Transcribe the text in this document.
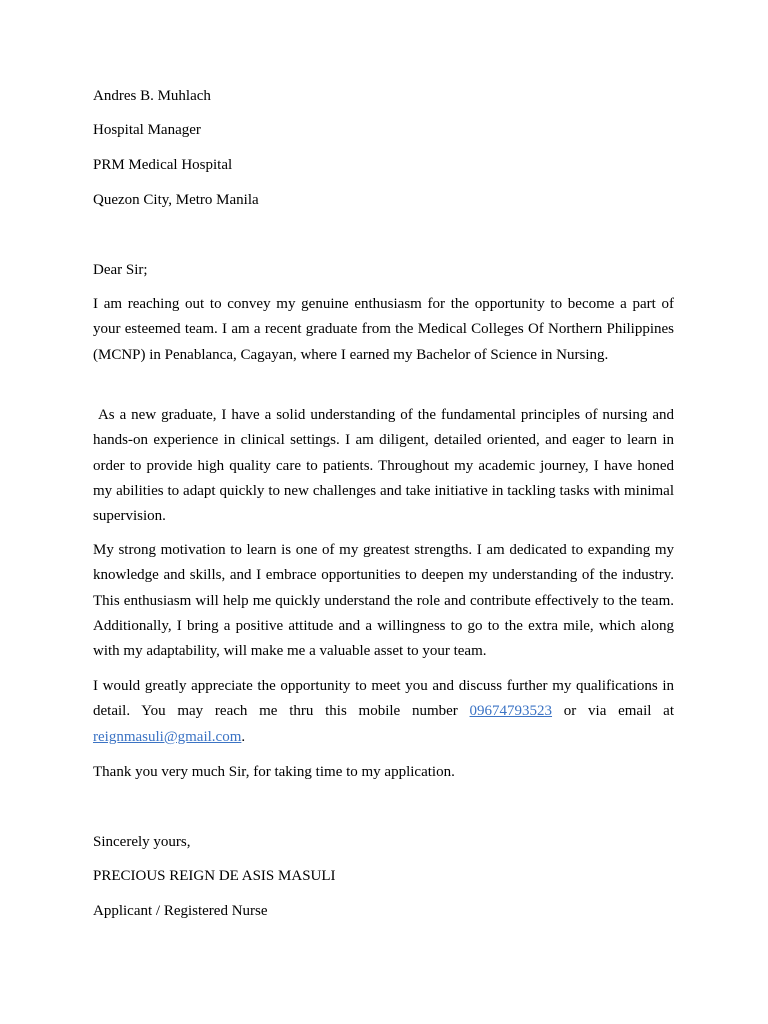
Andres B. Muhlach

Hospital Manager

PRM Medical Hospital

Quezon City, Metro Manila

Dear Sir;

I am reaching out to convey my genuine enthusiasm for the opportunity to become a part of your esteemed team. I am a recent graduate from the Medical Colleges Of Northern Philippines (MCNP) in Penablanca, Cagayan, where I earned my Bachelor of Science in Nursing.

As a new graduate, I have a solid understanding of the fundamental principles of nursing and hands-on experience in clinical settings. I am diligent, detailed oriented, and eager to learn in order to provide high quality care to patients. Throughout my academic journey, I have honed my abilities to adapt quickly to new challenges and take initiative in tackling tasks with minimal supervision.

My strong motivation to learn is one of my greatest strengths. I am dedicated to expanding my knowledge and skills, and I embrace opportunities to deepen my understanding of the industry. This enthusiasm will help me quickly understand the role and contribute effectively to the team. Additionally, I bring a positive attitude and a willingness to go to the extra mile, which along with my adaptability, will make me a valuable asset to your team.

I would greatly appreciate the opportunity to meet you and discuss further my qualifications in detail. You may reach me thru this mobile number 09674793523 or via email at reignmasuli@gmail.com.

Thank you very much Sir, for taking time to my application.

Sincerely yours,

PRECIOUS REIGN DE ASIS MASULI

Applicant / Registered Nurse
